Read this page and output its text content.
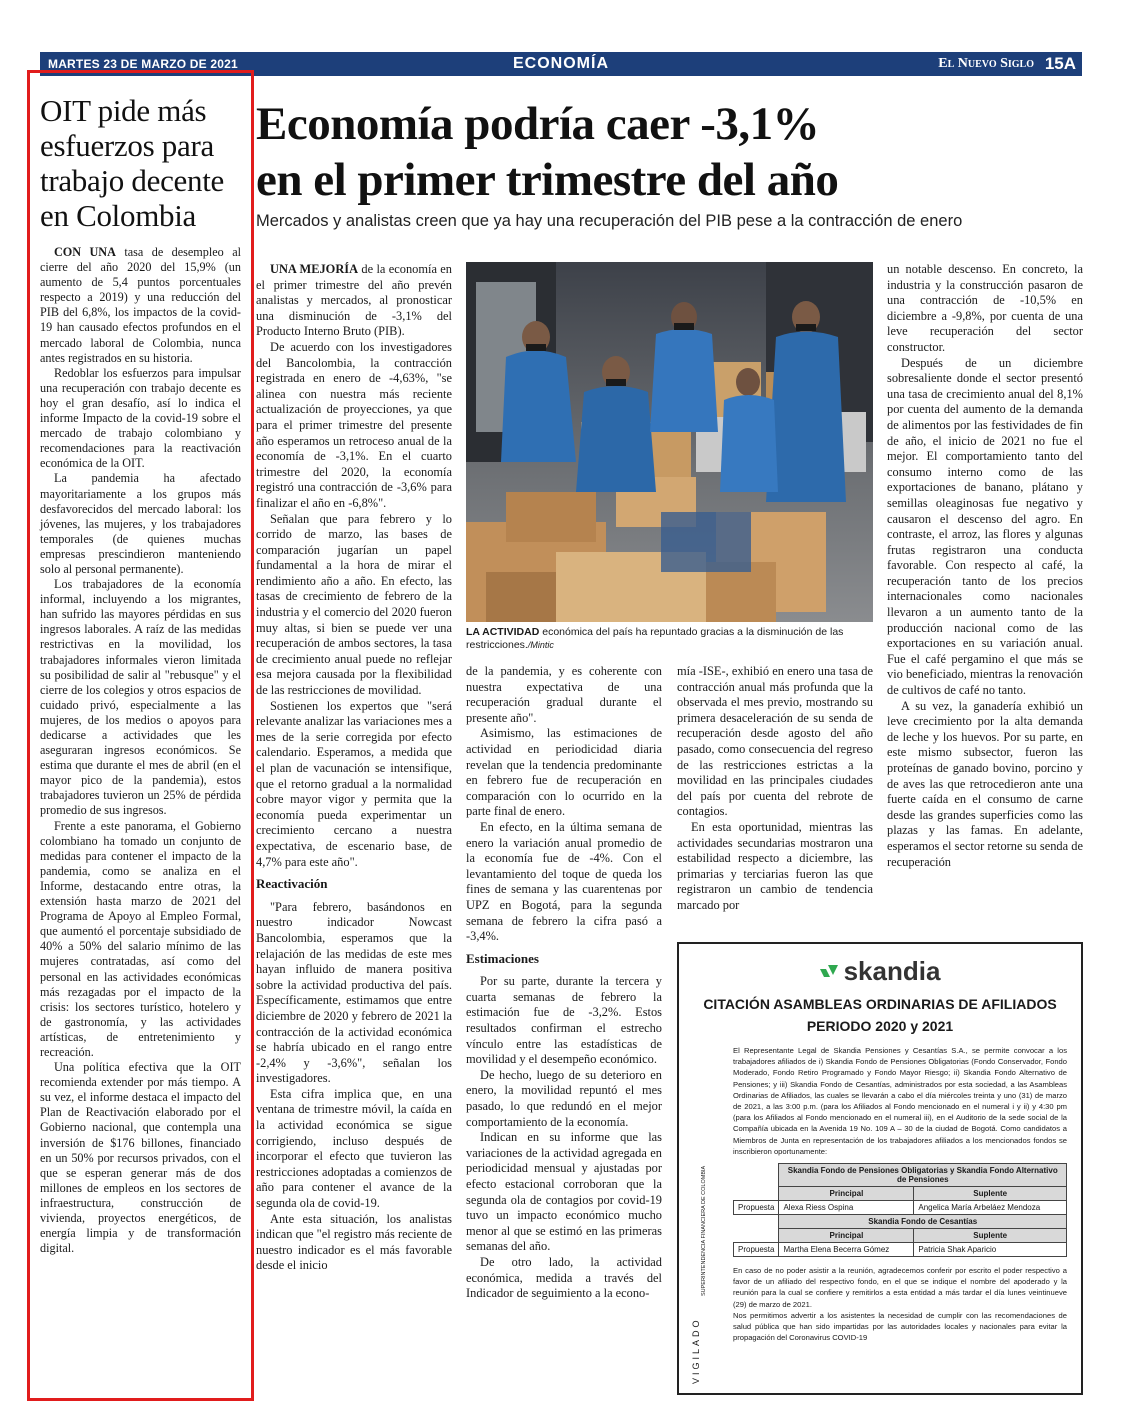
MARTES 23 DE MARZO DE 2021	ECONOMÍA	El Nuevo Siglo 15A
OIT pide más esfuerzos para trabajo decente en Colombia

CON UNA tasa de desempleo al cierre del año 2020 del 15,9% (un aumento de 5,4 puntos porcentuales respecto a 2019) y una reducción del PIB del 6,8%, los impactos de la covid-19 han causado efectos profundos en el mercado laboral de Colombia, nunca antes registrados en su historia.

Redoblar los esfuerzos para impulsar una recuperación con trabajo decente es hoy el gran desafío, así lo indica el informe Impacto de la covid-19 sobre el mercado de trabajo colombiano y recomendaciones para la reactivación económica de la OIT.

La pandemia ha afectado mayoritariamente a los grupos más desfavorecidos del mercado laboral: los jóvenes, las mujeres, y los trabajadores temporales (de quienes muchas empresas prescindieron manteniendo solo al personal permanente).

Los trabajadores de la economía informal, incluyendo a los migrantes, han sufrido las mayores pérdidas en sus ingresos laborales. A raíz de las medidas restrictivas en la movilidad, los trabajadores informales vieron limitada su posibilidad de salir al "rebusque" y el cierre de los colegios y otros espacios de cuidado privó, especialmente a las mujeres, de los medios o apoyos para dedicarse a actividades que les aseguraran ingresos económicos. Se estima que durante el mes de abril (en el mayor pico de la pandemia), estos trabajadores tuvieron un 25% de pérdida promedio de sus ingresos.

Frente a este panorama, el Gobierno colombiano ha tomado un conjunto de medidas para contener el impacto de la pandemia, como se analiza en el Informe, destacando entre otras, la extensión hasta marzo de 2021 del Programa de Apoyo al Empleo Formal, que aumentó el porcentaje subsidiado de 40% a 50% del salario mínimo de las mujeres contratadas, así como del personal en las actividades económicas más rezagadas por el impacto de la crisis: los sectores turístico, hotelero y de gastronomía, y las actividades artísticas, de entretenimiento y recreación.

Una política efectiva que la OIT recomienda extender por más tiempo. A su vez, el informe destaca el impacto del Plan de Reactivación elaborado por el Gobierno nacional, que contempla una inversión de $176 billones, financiado en un 50% por recursos privados, con el que se esperan generar más de dos millones de empleos en los sectores de infraestructura, construcción de vivienda, proyectos energéticos, de energía limpia y de transformación digital.

Economía podría caer -3,1%
en el primer trimestre del año
Mercados y analistas creen que ya hay una recuperación del PIB pese a la contracción de enero

UNA MEJORÍA de la economía en el primer trimestre del año prevén analistas y mercados, al pronosticar una disminución de -3,1% del Producto Interno Bruto (PIB).

De acuerdo con los investigadores del Bancolombia, la contracción registrada en enero de -4,63%, "se alinea con nuestra más reciente actualización de proyecciones, ya que para el primer trimestre del presente año esperamos un retroceso anual de la economía de -3,1%. En el cuarto trimestre del 2020, la economía registró una contracción de -3,6% para finalizar el año en -6,8%".

Señalan que para febrero y lo corrido de marzo, las bases de comparación jugarían un papel fundamental a la hora de mirar el rendimiento año a año. En efecto, las tasas de crecimiento de febrero de la industria y el comercio del 2020 fueron muy altas, si bien se puede ver una recuperación de ambos sectores, la tasa de crecimiento anual puede no reflejar esa mejora causada por la flexibilidad de las restricciones de movilidad.

Sostienen los expertos que "será relevante analizar las variaciones mes a mes de la serie corregida por efecto calendario. Esperamos, a medida que el plan de vacunación se intensifique, que el retorno gradual a la normalidad cobre mayor vigor y permita que la economía pueda experimentar un crecimiento cercano a nuestra expectativa, de escenario base, de 4,7% para este año".

Reactivación

"Para febrero, basándonos en nuestro indicador Nowcast Bancolombia, esperamos que la relajación de las medidas de este mes hayan influido de manera positiva sobre la actividad productiva del país. Específicamente, estimamos que entre diciembre de 2020 y febrero de 2021 la contracción de la actividad económica se habría ubicado en el rango entre -2,4% y -3,6%", señalan los investigadores.

Esta cifra implica que, en una ventana de trimestre móvil, la caída en la actividad económica se sigue corrigiendo, incluso después de incorporar el efecto que tuvieron las restricciones adoptadas a comienzos de año para contener el avance de la segunda ola de covid-19.

Ante esta situación, los analistas indican que "el registro más reciente de nuestro indicador es el más favorable desde el inicio

LA ACTIVIDAD económica del país ha repuntado gracias a la disminución de las restricciones./Mintic

de la pandemia, y es coherente con nuestra expectativa de una recuperación gradual durante el presente año".

Asimismo, las estimaciones de actividad en periodicidad diaria revelan que la tendencia predominante en febrero fue de recuperación en comparación con lo ocurrido en la parte final de enero.

En efecto, en la última semana de enero la variación anual promedio de la economía fue de -4%. Con el levantamiento del toque de queda los fines de semana y las cuarentenas por UPZ en Bogotá, para la segunda semana de febrero la cifra pasó a -3,4%.

Estimaciones

Por su parte, durante la tercera y cuarta semanas de febrero la estimación fue de -3,2%. Estos resultados confirman el estrecho vínculo entre las estadísticas de movilidad y el desempeño económico.

De hecho, luego de su deterioro en enero, la movilidad repuntó el mes pasado, lo que redundó en el mejor comportamiento de la economía.

Indican en su informe que las variaciones de la actividad agregada en periodicidad mensual y ajustadas por efecto estacional corroboran que la segunda ola de contagios por covid-19 tuvo un impacto económico mucho menor al que se estimó en las primeras semanas del año.

De otro lado, la actividad económica, medida a través del Indicador de seguimiento a la econo-

mía -ISE-, exhibió en enero una tasa de contracción anual más profunda que la observada el mes previo, mostrando su primera desaceleración de su senda de recuperación desde agosto del año pasado, como consecuencia del regreso de las restricciones estrictas a la movilidad en las principales ciudades del país por cuenta del rebrote de contagios.

En esta oportunidad, mientras las actividades secundarias mostraron una estabilidad respecto a diciembre, las primarias y terciarias fueron las que registraron un cambio de tendencia marcado por

un notable descenso. En concreto, la industria y la construcción pasaron de una contracción de -10,5% en diciembre a -9,8%, por cuenta de una leve recuperación del sector constructor.

Después de un diciembre sobresaliente donde el sector presentó una tasa de crecimiento anual del 8,1% por cuenta del aumento de la demanda de alimentos por las festividades de fin de año, el inicio de 2021 no fue el mejor. El comportamiento tanto del consumo interno como de las exportaciones de banano, plátano y semillas oleaginosas fue negativo y causaron el descenso del agro. En contraste, el arroz, las flores y algunas frutas registraron una conducta favorable. Con respecto al café, la recuperación tanto de los precios internacionales como nacionales llevaron a un aumento tanto de la producción nacional como de las exportaciones en su variación anual. Fue el café pergamino el que más se vio beneficiado, mientras la renovación de cultivos de café no tanto.

A su vez, la ganadería exhibió un leve crecimiento por la alta demanda de leche y los huevos. Por su parte, en este mismo subsector, fueron las proteínas de ganado bovino, porcino y de aves las que retrocedieron ante una fuerte caída en el consumo de carne desde las grandes superficies como las plazas y las famas. En adelante, esperamos el sector retorne su senda de recuperación

skandia
CITACIÓN ASAMBLEAS ORDINARIAS DE AFILIADOS
PERIODO 2020 y 2021
El Representante Legal de Skandia Pensiones y Cesantías S.A., se permite convocar a los trabajadores afiliados de i) Skandia Fondo de Pensiones Obligatorias (Fondo Conservador, Fondo Moderado, Fondo Retiro Programado y Fondo Mayor Riesgo; ii) Skandia Fondo Alternativo de Pensiones; y iii) Skandia Fondo de Cesantías, administrados por esta sociedad, a las Asambleas Ordinarias de Afiliados, las cuales se llevarán a cabo el día miércoles treinta y uno (31) de marzo de 2021, a las 3:00 p.m. (para los Afiliados al Fondo mencionado en el numeral i y ii) y 4:30 pm (para los Afiliados al Fondo mencionado en el numeral iii), en el Auditorio de la sede social de la Compañía ubicada en la Avenida 19 No. 109 A – 30 de la ciudad de Bogotá. Como candidatos a Miembros de Junta en representación de los trabajadores afiliados a los mencionados fondos se inscribieron oportunamente:
	Skandia Fondo de Pensiones Obligatorias y Skandia Fondo Alternativo de Pensiones	
	Principal	Suplente
Propuesta	Alexa Riess Ospina	Angelica María Arbeláez Mendoza
	Skandia Fondo de Cesantías	
	Principal	Suplente
Propuesta	Martha Elena Becerra Gómez	Patricia Shak Aparicio
En caso de no poder asistir a la reunión, agradecemos conferir por escrito el poder respectivo a favor de un afiliado del respectivo fondo, en el que se indique el nombre del apoderado y la reunión para la cual se confiere y remitirlos a esta entidad a más tardar el día lunes veintinueve (29) de marzo de 2021.
Nos permitimos advertir a los asistentes la necesidad de cumplir con las recomendaciones de salud pública que han sido impartidas por las autoridades locales y nacionales para evitar la propagación del Coronavirus COVID-19
VIGILADO
SUPERINTENDENCIA FINANCIERA DE COLOMBIA
